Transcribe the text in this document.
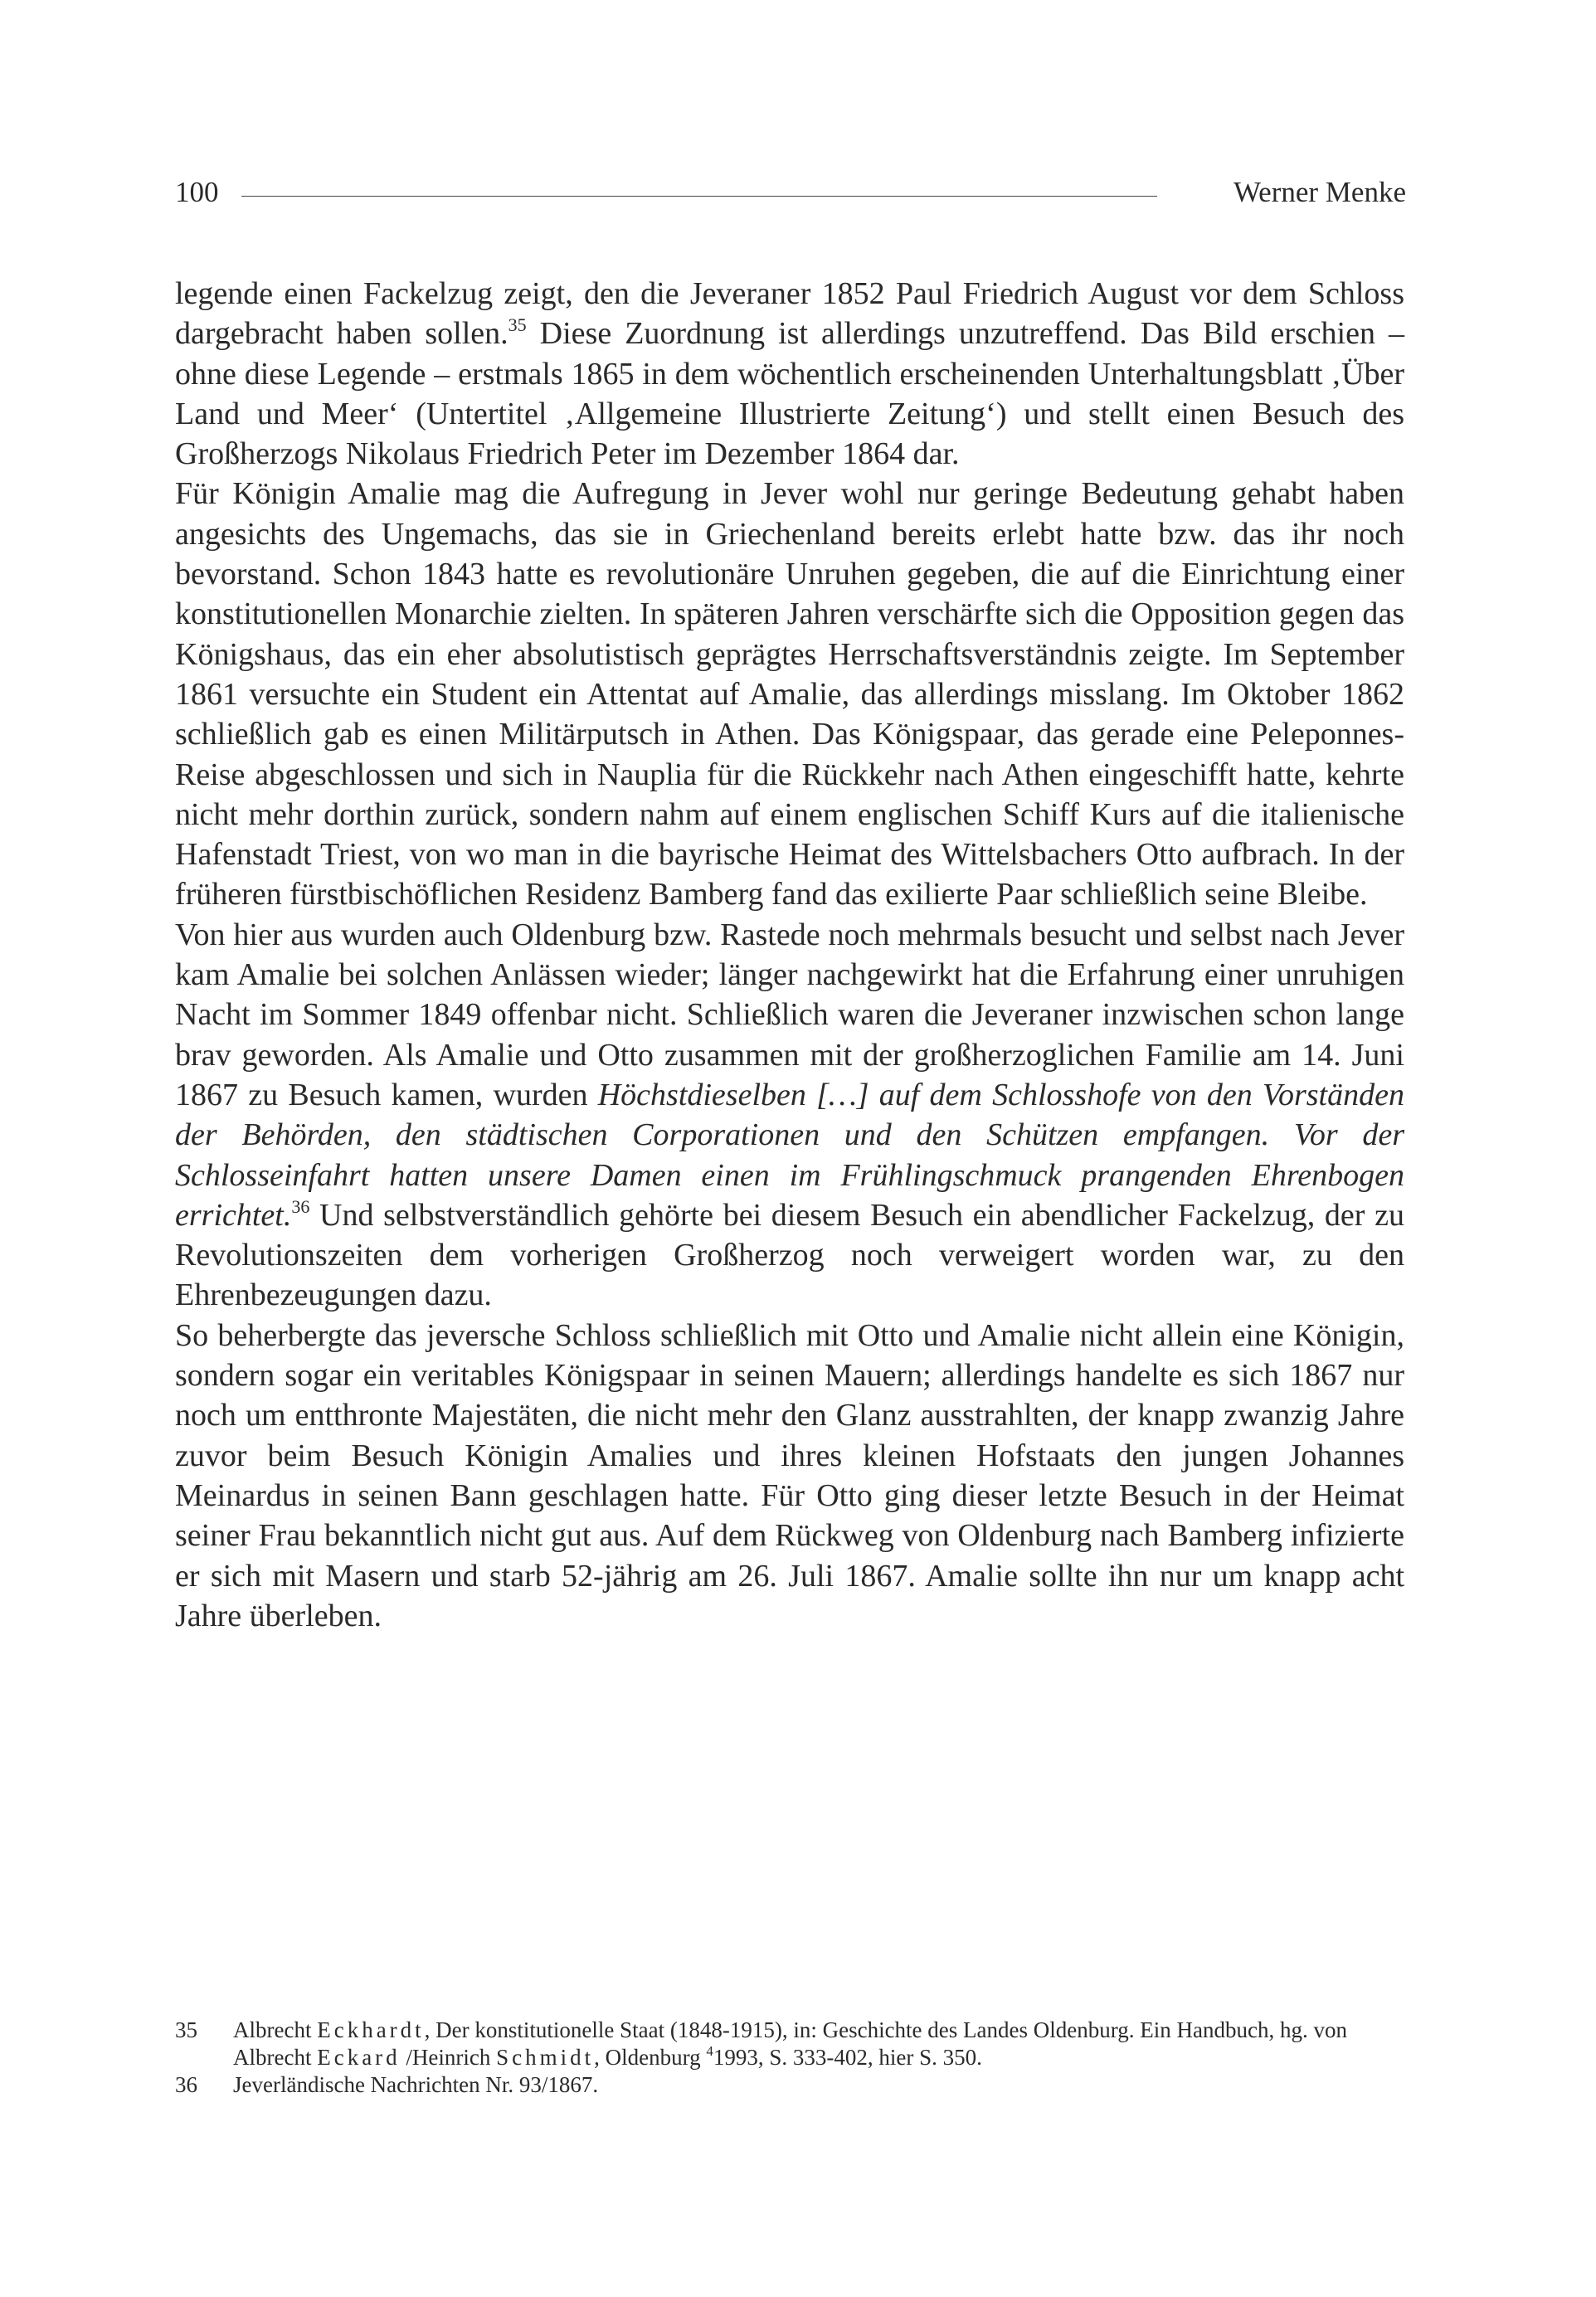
100	Werner Menke

legende einen Fackelzug zeigt, den die Jeveraner 1852 Paul Friedrich August vor dem Schloss dargebracht haben sollen.$^{35}$ Diese Zuordnung ist allerdings unzutreffend. Das Bild erschien – ohne diese Legende – erstmals 1865 in dem wöchentlich erscheinenden Unterhaltungsblatt ‚Über Land und Meer‘ (Untertitel ‚Allgemeine Illustrierte Zeitung‘) und stellt einen Besuch des Großherzogs Nikolaus Friedrich Peter im Dezember 1864 dar.

Für Königin Amalie mag die Aufregung in Jever wohl nur geringe Bedeutung gehabt haben angesichts des Ungemachs, das sie in Griechenland bereits erlebt hatte bzw. das ihr noch bevorstand. Schon 1843 hatte es revolutionäre Unruhen gegeben, die auf die Einrichtung einer konstitutionellen Monarchie zielten. In späteren Jahren verschärfte sich die Opposition gegen das Königshaus, das ein eher absolutistisch geprägtes Herrschaftsverständnis zeigte. Im September 1861 versuchte ein Student ein Attentat auf Amalie, das allerdings misslang. Im Oktober 1862 schließlich gab es einen Militärputsch in Athen. Das Königspaar, das gerade eine Peleponnes-Reise abgeschlossen und sich in Nauplia für die Rückkehr nach Athen eingeschifft hatte, kehrte nicht mehr dorthin zurück, sondern nahm auf einem englischen Schiff Kurs auf die italienische Hafenstadt Triest, von wo man in die bayrische Heimat des Wittelsbachers Otto aufbrach. In der früheren fürstbischöflichen Residenz Bamberg fand das exilierte Paar schließlich seine Bleibe.

Von hier aus wurden auch Oldenburg bzw. Rastede noch mehrmals besucht und selbst nach Jever kam Amalie bei solchen Anlässen wieder; länger nachgewirkt hat die Erfahrung einer unruhigen Nacht im Sommer 1849 offenbar nicht. Schließlich waren die Jeveraner inzwischen schon lange brav geworden. Als Amalie und Otto zusammen mit der großherzoglichen Familie am 14. Juni 1867 zu Besuch kamen, wurden Höchstdieselben […] auf dem Schlosshofe von den Vorständen der Behörden, den städtischen Corporationen und den Schützen empfangen. Vor der Schlosseinfahrt hatten unsere Damen einen im Frühlingschmuck prangenden Ehrenbogen errichtet.$^{36}$ Und selbstverständlich gehörte bei diesem Besuch ein abendlicher Fackelzug, der zu Revolutionszeiten dem vorherigen Großherzog noch verweigert worden war, zu den Ehrenbezeugungen dazu.

So beherbergte das jeversche Schloss schließlich mit Otto und Amalie nicht allein eine Königin, sondern sogar ein veritables Königspaar in seinen Mauern; allerdings handelte es sich 1867 nur noch um entthronte Majestäten, die nicht mehr den Glanz ausstrahlten, der knapp zwanzig Jahre zuvor beim Besuch Königin Amalies und ihres kleinen Hofstaats den jungen Johannes Meinardus in seinen Bann geschlagen hatte. Für Otto ging dieser letzte Besuch in der Heimat seiner Frau bekanntlich nicht gut aus. Auf dem Rückweg von Oldenburg nach Bamberg infizierte er sich mit Masern und starb 52-jährig am 26. Juli 1867. Amalie sollte ihn nur um knapp acht Jahre überleben.

35 Albrecht Eckhardt, Der konstitutionelle Staat (1848-1915), in: Geschichte des Landes Oldenburg. Ein Handbuch, hg. von Albrecht Eckard /Heinrich Schmidt, Oldenburg $^4$1993, S. 333-402, hier S. 350.
36 Jeverländische Nachrichten Nr. 93/1867.
